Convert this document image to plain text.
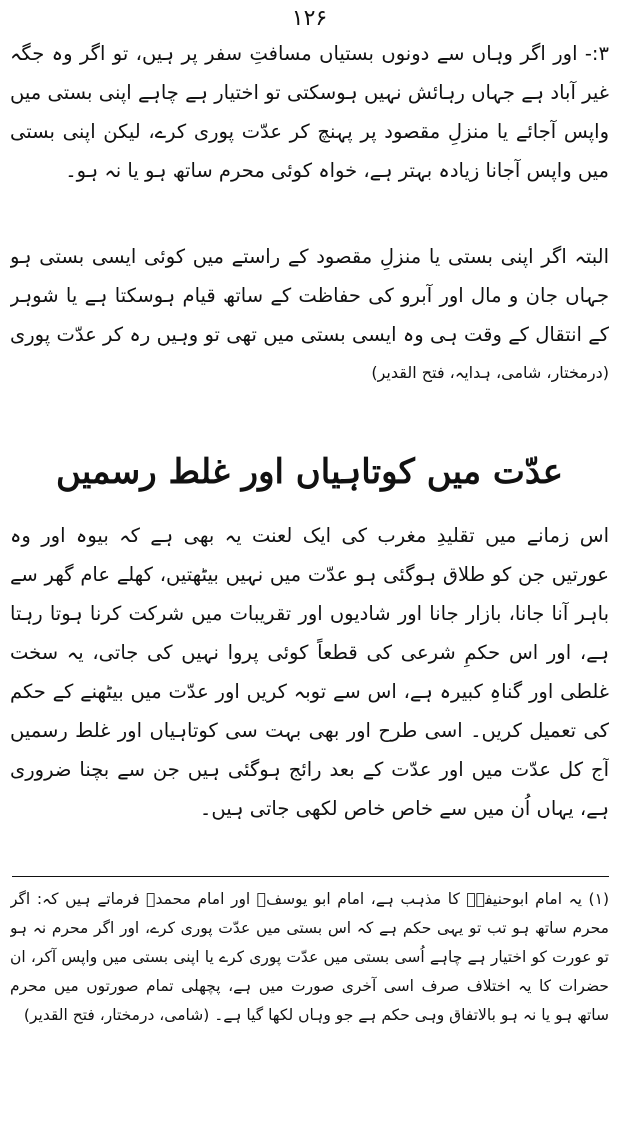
۱۲۶

۳:- اور اگر وہاں سے دونوں بستیاں مسافتِ سفر پر ہیں، تو اگر وہ جگہ غیر آباد ہے جہاں رہائش نہیں ہوسکتی تو اختیار ہے چاہے اپنی بستی میں واپس آجائے یا منزلِ مقصود پر پہنچ کر عدّت پوری کرے، لیکن اپنی بستی میں واپس آجانا زیادہ بہتر ہے، خواہ کوئی محرم ساتھ ہو یا نہ ہو۔

البتہ اگر اپنی بستی یا منزلِ مقصود کے راستے میں کوئی ایسی بستی ہو جہاں جان و مال اور آبرو کی حفاظت کے ساتھ قیام ہوسکتا ہے یا شوہر کے انتقال کے وقت ہی وہ ایسی بستی میں تھی تو وہیں رہ کر عدّت پوری

(درمختار، شامی، ہدایہ، فتح القدیر)
عدّت میں کوتاہیاں اور غلط رسمیں

اس زمانے میں تقلیدِ مغرب کی ایک لعنت یہ بھی ہے کہ بیوہ اور وہ عورتیں جن کو طلاق ہوگئی ہو عدّت میں نہیں بیٹھتیں، کھلے عام گھر سے باہر آنا جانا، بازار جانا اور شادیوں اور تقریبات میں شرکت کرنا ہوتا رہتا ہے، اور اس حکمِ شرعی کی قطعاً کوئی پروا نہیں کی جاتی، یہ سخت غلطی اور گناہِ کبیرہ ہے، اس سے توبہ کریں اور عدّت میں بیٹھنے کے حکم کی تعمیل کریں۔ اسی طرح اور بھی بہت سی کوتاہیاں اور غلط رسمیں آج کل عدّت میں اور عدّت کے بعد رائج ہوگئی ہیں جن سے بچنا ضروری ہے، یہاں اُن میں سے خاص خاص لکھی جاتی ہیں۔

(۱) یہ امام ابوحنیفہؒ کا مذہب ہے، امام ابو یوسفؒ اور امام محمدؒ فرماتے ہیں کہ: اگر محرم ساتھ ہو تب تو یہی حکم ہے کہ اس بستی میں عدّت پوری کرے، اور اگر محرم نہ ہو تو عورت کو اختیار ہے چاہے اُسی بستی میں عدّت پوری کرے یا اپنی بستی میں واپس آکر، ان حضرات کا یہ اختلاف صرف اسی آخری صورت میں ہے، پچھلی تمام صورتوں میں محرم ساتھ ہو یا نہ ہو بالاتفاق وہی حکم ہے جو وہاں لکھا گیا ہے۔ (شامی، درمختار، فتح القدیر)
